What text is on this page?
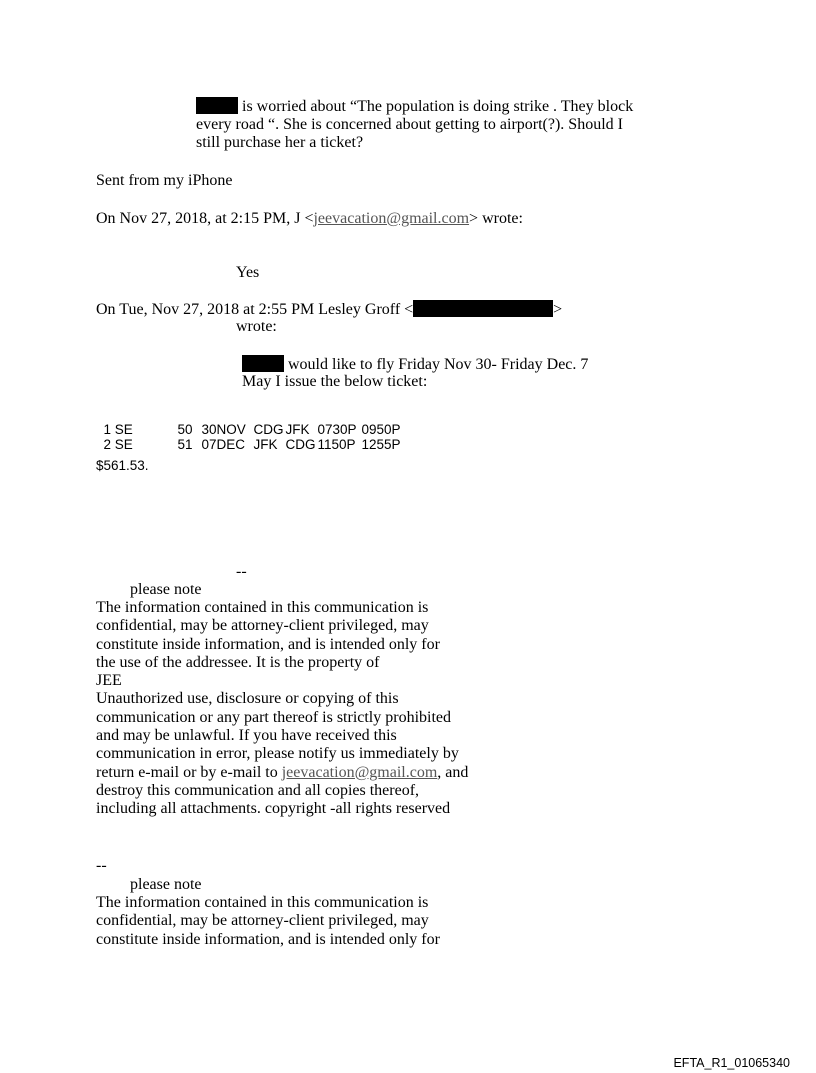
is worried about “The population is doing strike . They block
every road “. She is concerned about getting to airport(?). Should I
still purchase her a ticket?
Sent from my iPhone
On Nov 27, 2018, at 2:15 PM, J <jeevacation@gmail.com> wrote:
Yes
On Tue, Nov 27, 2018 at 2:55 PM Lesley Groff <	>
wrote:
would like to fly Friday Nov 30- Friday Dec. 7
May I issue the below ticket:

1 SE	50 30NOV CDG JFK 0730P 0950P

2 SE	51 07DEC JFK CDG 1150P 1255P

$561.53.
--
please note
The information contained in this communication is
confidential, may be attorney-client privileged, may
constitute inside information, and is intended only for
the use of the addressee. It is the property of
JEE
Unauthorized use, disclosure or copying of this
communication or any part thereof is strictly prohibited
and may be unlawful. If you have received this
communication in error, please notify us immediately by
return e-mail or by e-mail to jeevacation@gmail.com, and
destroy this communication and all copies thereof,
including all attachments. copyright -all rights reserved
--
please note
The information contained in this communication is
confidential, may be attorney-client privileged, may
constitute inside information, and is intended only for
EFTA_R1_01065340
